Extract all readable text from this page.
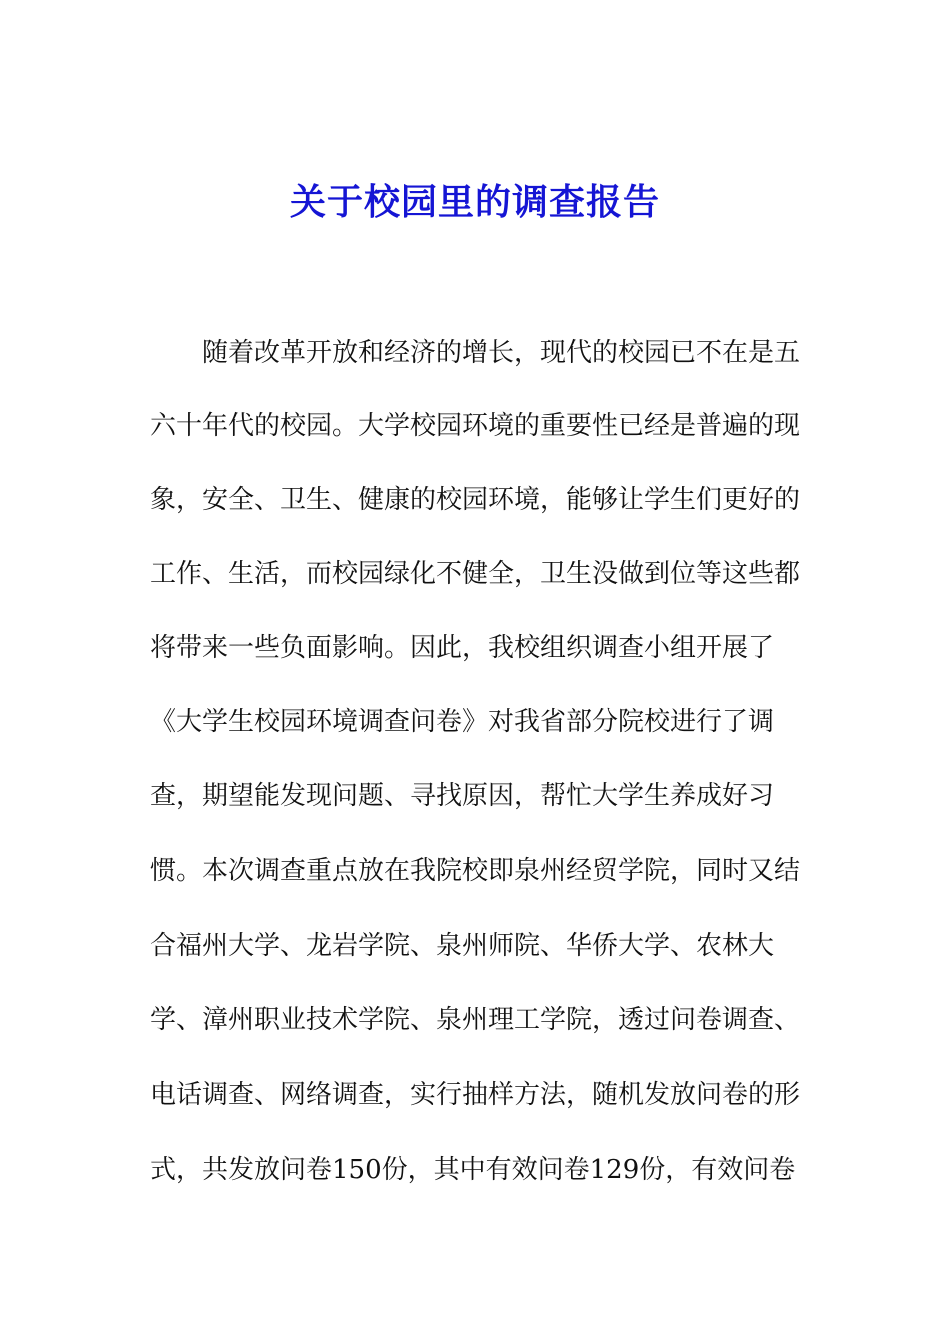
关于校园里的调查报告
随着改革开放和经济的增长，现代的校园已不在是五
六十年代的校园。大学校园环境的重要性已经是普遍的现
象，安全、卫生、健康的校园环境，能够让学生们更好的
工作、生活，而校园绿化不健全，卫生没做到位等这些都
将带来一些负面影响。因此，我校组织调查小组开展了
《大学生校园环境调查问卷》对我省部分院校进行了调
查，期望能发现问题、寻找原因，帮忙大学生养成好习
惯。本次调查重点放在我院校即泉州经贸学院，同时又结
合福州大学、龙岩学院、泉州师院、华侨大学、农林大
学、漳州职业技术学院、泉州理工学院，透过问卷调查、
电话调查、网络调查，实行抽样方法，随机发放问卷的形
式，共发放问卷150份，其中有效问卷129份，有效问卷
